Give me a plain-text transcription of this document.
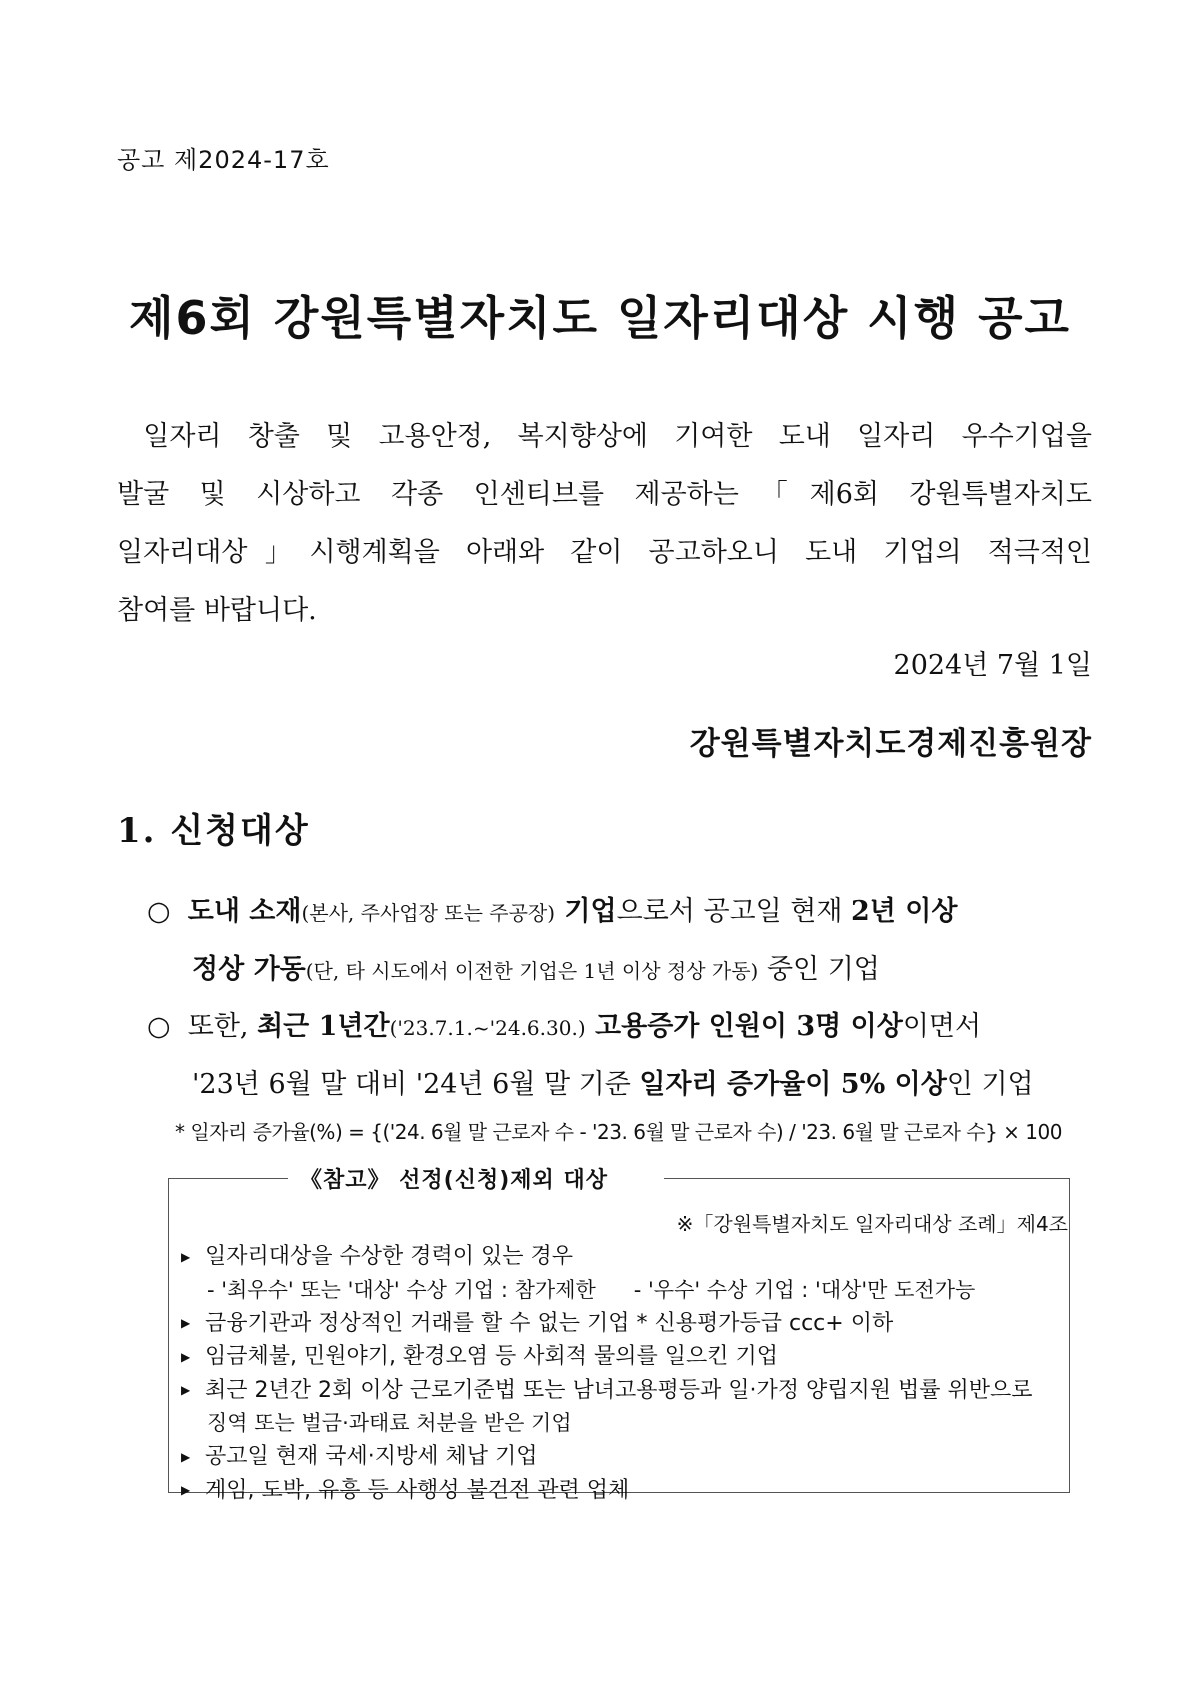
공고 제2024-17호
제6회 강원특별자치도 일자리대상 시행 공고
일자리 창출 및 고용안정, 복지향상에 기여한 도내 일자리 우수기업을
발굴 및 시상하고 각종 인센티브를 제공하는「제6회 강원특별자치도
일자리대상」시행계획을 아래와 같이 공고하오니 도내 기업의 적극적인
참여를 바랍니다.
2024년 7월 1일
강원특별자치도경제진흥원장
1. 신청대상
○ 도내 소재(본사, 주사업장 또는 주공장) 기업으로서 공고일 현재 2년 이상
정상 가동(단, 타 시도에서 이전한 기업은 1년 이상 정상 가동) 중인 기업
○ 또한, 최근 1년간('23.7.1.~'24.6.30.) 고용증가 인원이 3명 이상이면서
'23년 6월 말 대비 '24년 6월 말 기준 일자리 증가율이 5% 이상인 기업
* 일자리 증가율(%) = {('24. 6월 말 근로자 수 - '23. 6월 말 근로자 수) / '23. 6월 말 근로자 수} × 100
《참고》 선정(신청)제외 대상
※「강원특별자치도 일자리대상 조례」제4조
▶ 일자리대상을 수상한 경력이 있는 경우
- '최우수' 또는 '대상' 수상 기업 : 참가제한 - '우수' 수상 기업 : '대상'만 도전가능
▶ 금융기관과 정상적인 거래를 할 수 없는 기업 * 신용평가등급 ccc+ 이하
▶ 임금체불, 민원야기, 환경오염 등 사회적 물의를 일으킨 기업
▶ 최근 2년간 2회 이상 근로기준법 또는 남녀고용평등과 일·가정 양립지원 법률 위반으로
징역 또는 벌금·과태료 처분을 받은 기업
▶ 공고일 현재 국세·지방세 체납 기업
▶ 게임, 도박, 유흥 등 사행성 불건전 관련 업체
